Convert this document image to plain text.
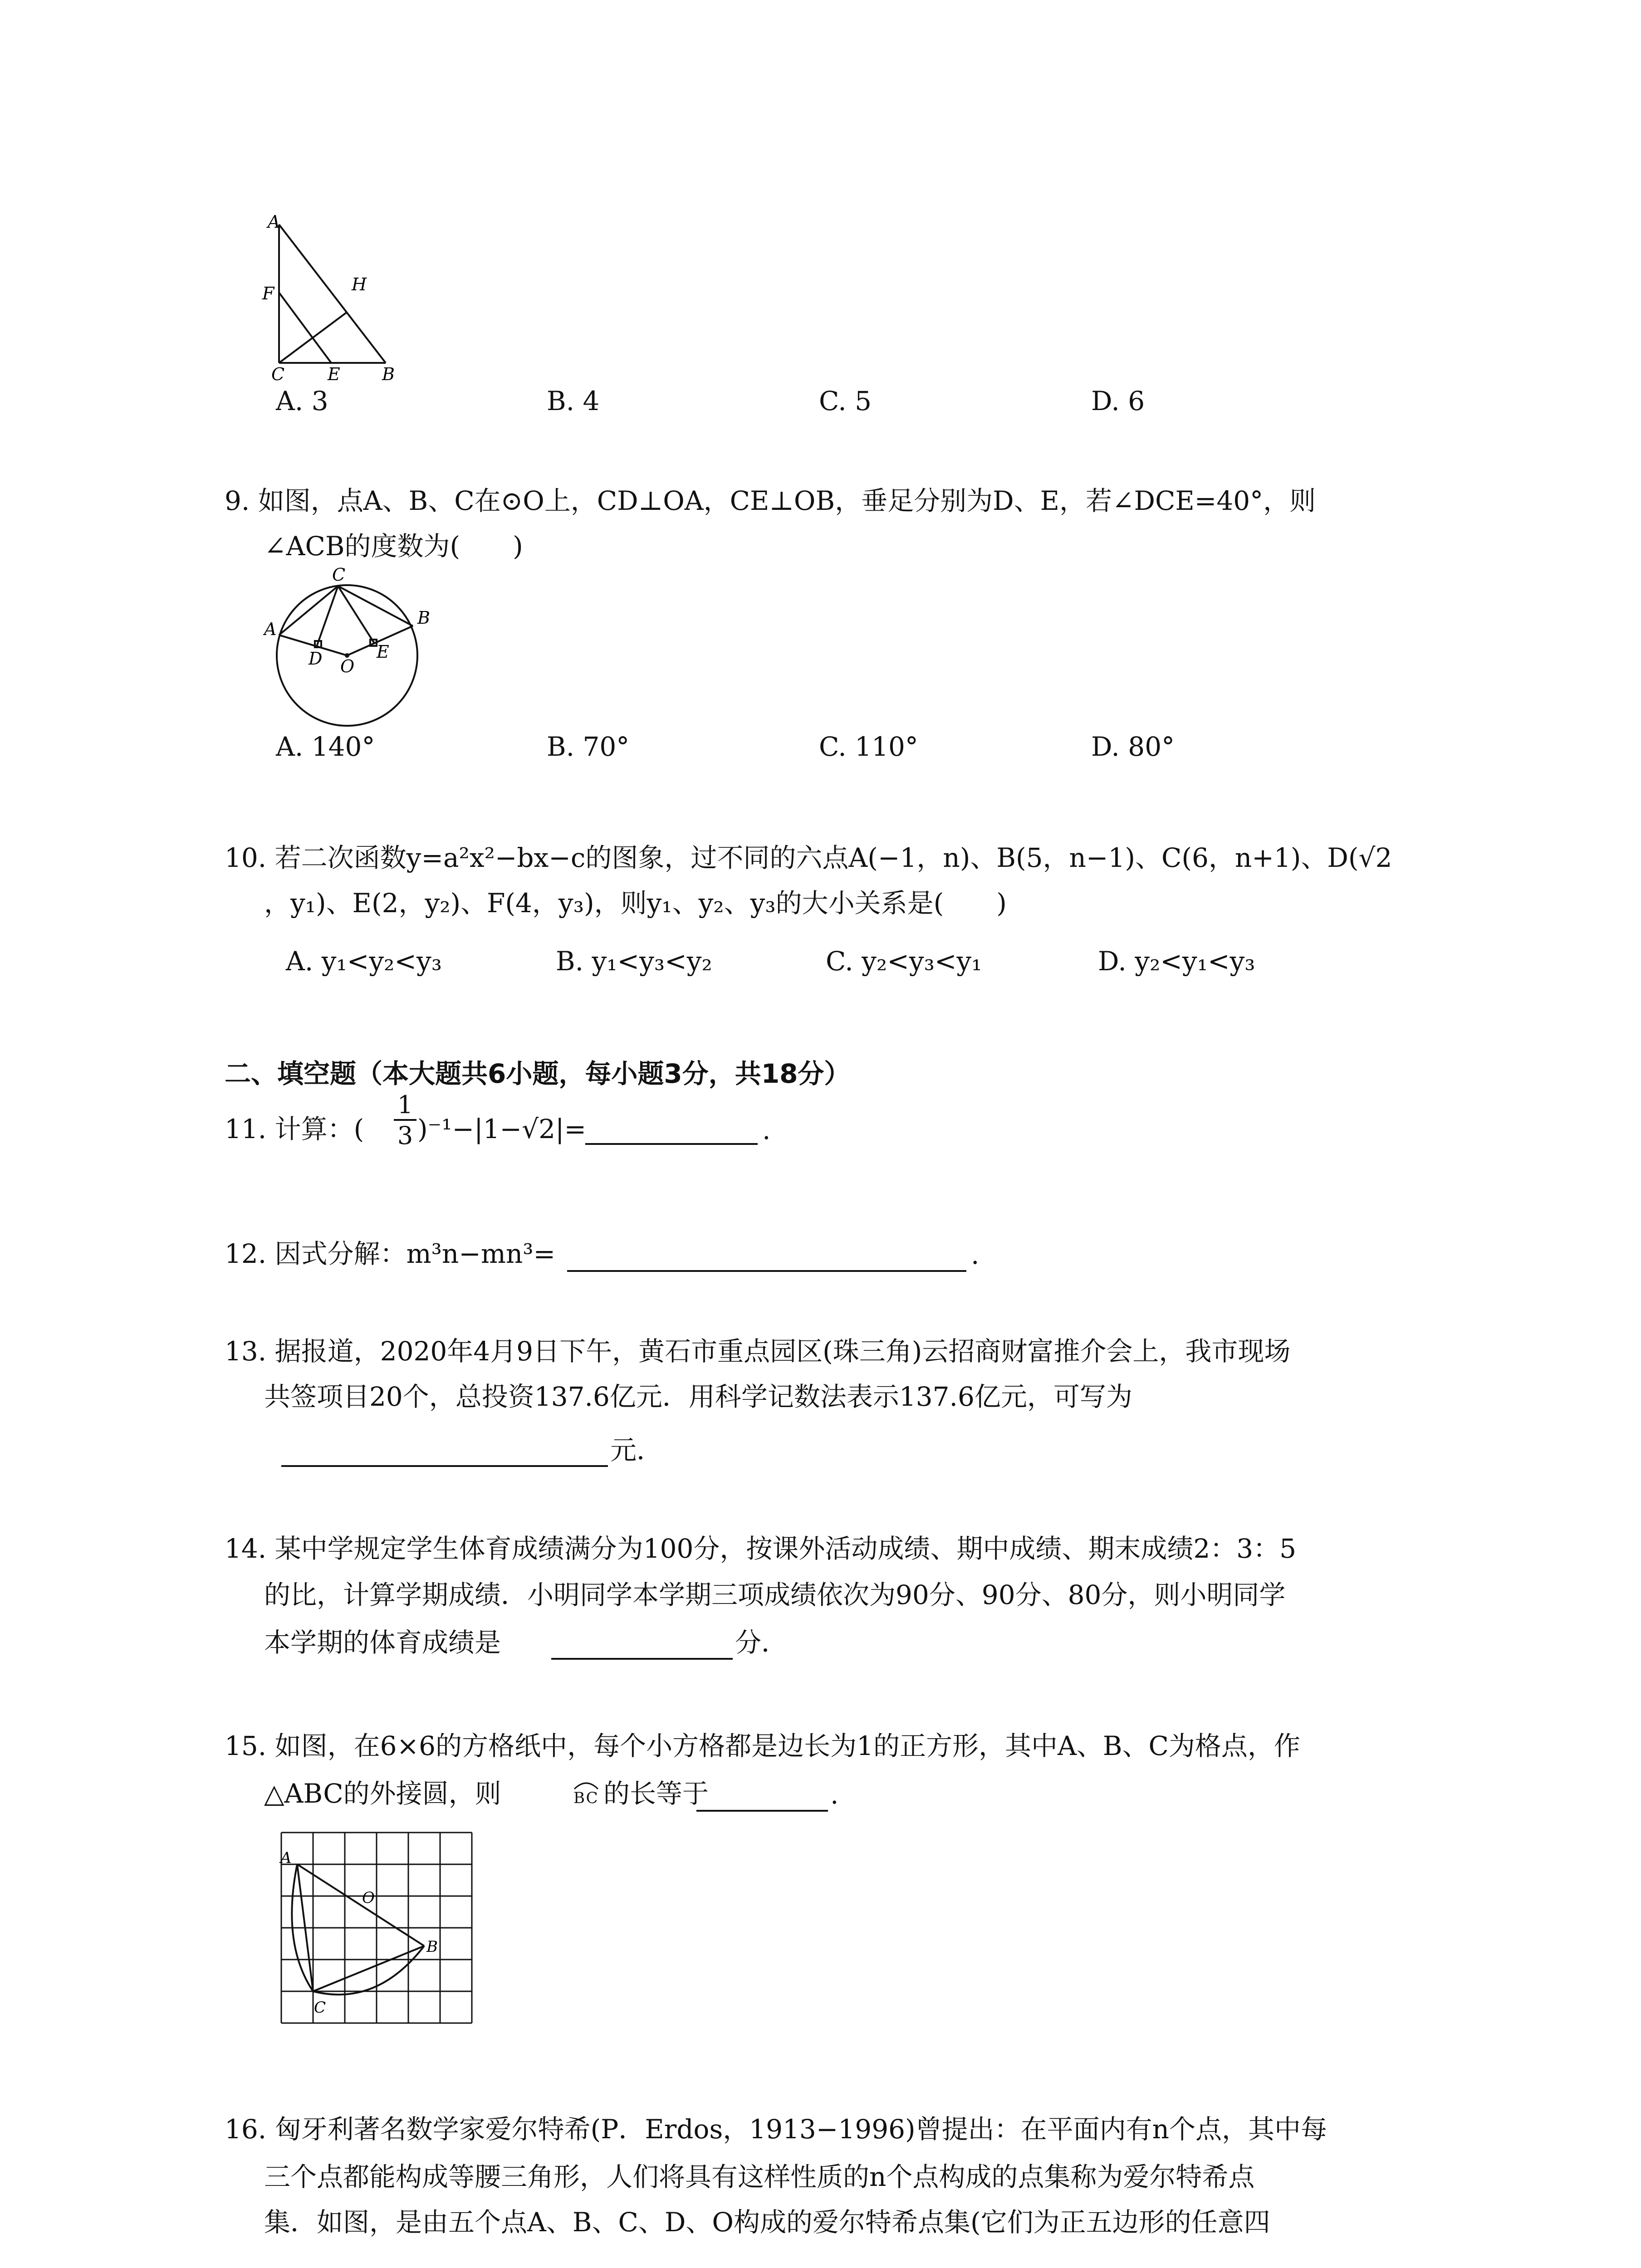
A
F	H
C E B
A. 3	B. 4	C. 5	D. 6
9. 如图，点A、B、C在⊙O上，CD⊥OA，CE⊥OB，垂足分别为D、E，若∠DCE=40°，则
∠ACB的度数为(　　)
C
A
B
D O
E
A. 140°	B. 70°	C. 110°	D. 80°
10. 若二次函数y=a²x²−bx−c的图象，过不同的六点A(−1，n)、B(5，n−1)、C(6，n+1)、D(√2
，y₁)、E(2，y₂)、F(4，y₃)，则y₁、y₂、y₃的大小关系是(　　)
A. y₁<y₂<y₃	B. y₁<y₃<y₂	C. y₂<y₃<y₁	D. y₂<y₁<y₃
二、填空题（本大题共6小题，每小题3分，共18分）
11. 计算：(
1
3 )⁻¹−|1−√2|=	.
12. 因式分解：m³n−mn³=	.
13. 据报道，2020年4月9日下午，黄石市重点园区(珠三角)云招商财富推介会上，我市现场
共签项目20个，总投资137.6亿元．用科学记数法表示137.6亿元，可写为
元．
14. 某中学规定学生体育成绩满分为100分，按课外活动成绩、期中成绩、期末成绩2：3：5
的比，计算学期成绩．小明同学本学期三项成绩依次为90分、90分、80分，则小明同学
本学期的体育成绩是	分．
15. 如图，在6×6的方格纸中，每个小方格都是边长为1的正方形，其中A、B、C为格点，作
△ABC的外接圆，则	BC 的长等于	.
A
O
B
C
16. 匈牙利著名数学家爱尔特希(P．Erdos，1913−1996)曾提出：在平面内有n个点，其中每
三个点都能构成等腰三角形，人们将具有这样性质的n个点构成的点集称为爱尔特希点
集．如图，是由五个点A、B、C、D、O构成的爱尔特希点集(它们为正五边形的任意四
